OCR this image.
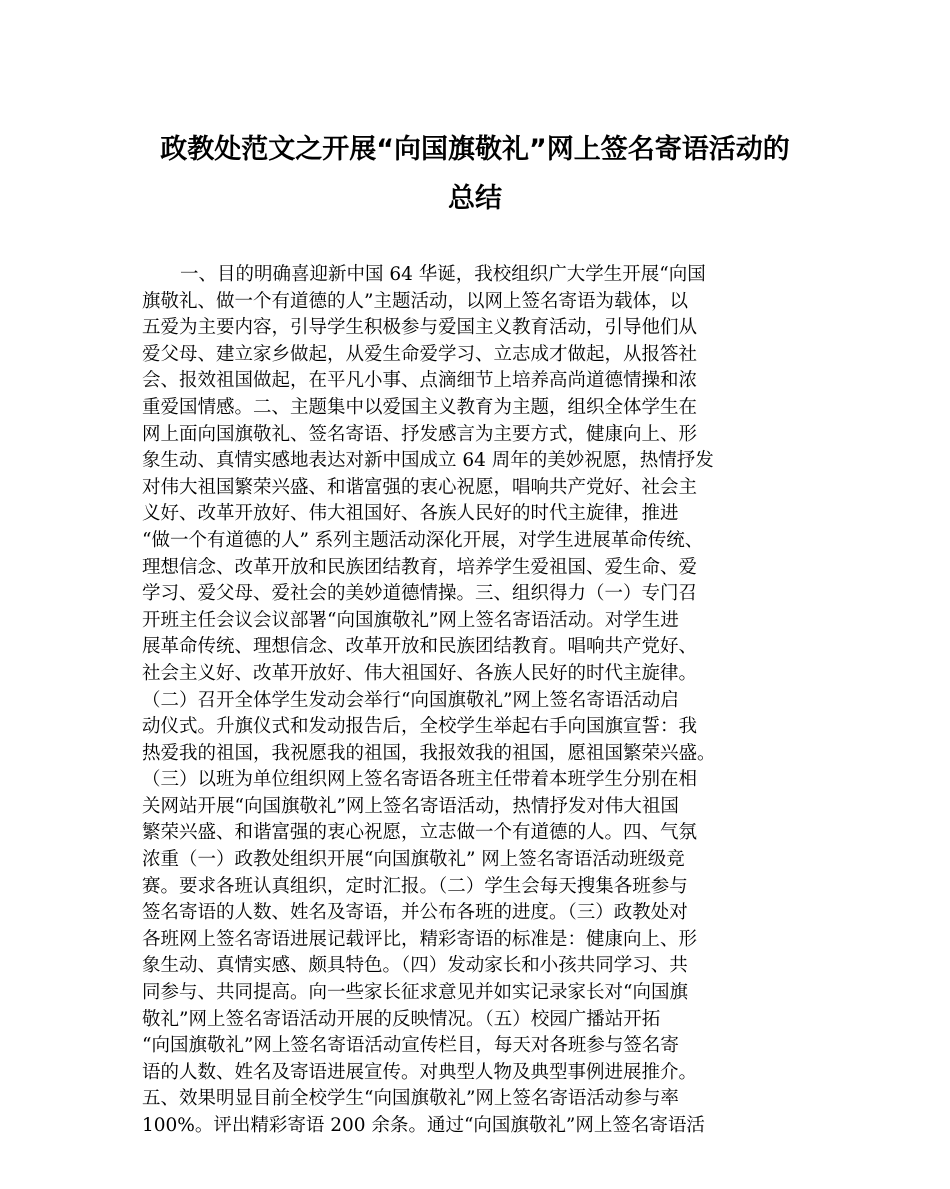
政教处范文之开展“向国旗敬礼”网上签名寄语活动的
总结
一、目的明确喜迎新中国 64 华诞，我校组织广大学生开展“向国
旗敬礼、做一个有道德的人”主题活动，以网上签名寄语为载体，以
五爱为主要内容，引导学生积极参与爱国主义教育活动，引导他们从
爱父母、建立家乡做起，从爱生命爱学习、立志成才做起，从报答社
会、报效祖国做起，在平凡小事、点滴细节上培养高尚道德情操和浓
重爱国情感。二、主题集中以爱国主义教育为主题，组织全体学生在
网上面向国旗敬礼、签名寄语、抒发感言为主要方式，健康向上、形
象生动、真情实感地表达对新中国成立 64 周年的美妙祝愿，热情抒发
对伟大祖国繁荣兴盛、和谐富强的衷心祝愿，唱响共产党好、社会主
义好、改革开放好、伟大祖国好、各族人民好的时代主旋律，推进
“做一个有道德的人” 系列主题活动深化开展，对学生进展革命传统、
理想信念、改革开放和民族团结教育，培养学生爱祖国、爱生命、爱
学习、爱父母、爱社会的美妙道德情操。三、组织得力（一）专门召
开班主任会议会议部署“向国旗敬礼”网上签名寄语活动。对学生进
展革命传统、理想信念、改革开放和民族团结教育。唱响共产党好、
社会主义好、改革开放好、伟大祖国好、各族人民好的时代主旋律。
（二）召开全体学生发动会举行“向国旗敬礼”网上签名寄语活动启
动仪式。升旗仪式和发动报告后，全校学生举起右手向国旗宣誓：我
热爱我的祖国，我祝愿我的祖国，我报效我的祖国，愿祖国繁荣兴盛。
（三）以班为单位组织网上签名寄语各班主任带着本班学生分别在相
关网站开展“向国旗敬礼”网上签名寄语活动，热情抒发对伟大祖国
繁荣兴盛、和谐富强的衷心祝愿，立志做一个有道德的人。四、气氛
浓重（一）政教处组织开展“向国旗敬礼” 网上签名寄语活动班级竞
赛。要求各班认真组织，定时汇报。（二）学生会每天搜集各班参与
签名寄语的人数、姓名及寄语，并公布各班的进度。（三）政教处对
各班网上签名寄语进展记载评比，精彩寄语的标准是：健康向上、形
象生动、真情实感、颇具特色。（四）发动家长和小孩共同学习、共
同参与、共同提高。向一些家长征求意见并如实记录家长对“向国旗
敬礼”网上签名寄语活动开展的反映情况。（五）校园广播站开拓
“向国旗敬礼”网上签名寄语活动宣传栏目，每天对各班参与签名寄
语的人数、姓名及寄语进展宣传。对典型人物及典型事例进展推介。
五、效果明显目前全校学生“向国旗敬礼”网上签名寄语活动参与率
100%。评出精彩寄语 200 余条。通过“向国旗敬礼”网上签名寄语活
